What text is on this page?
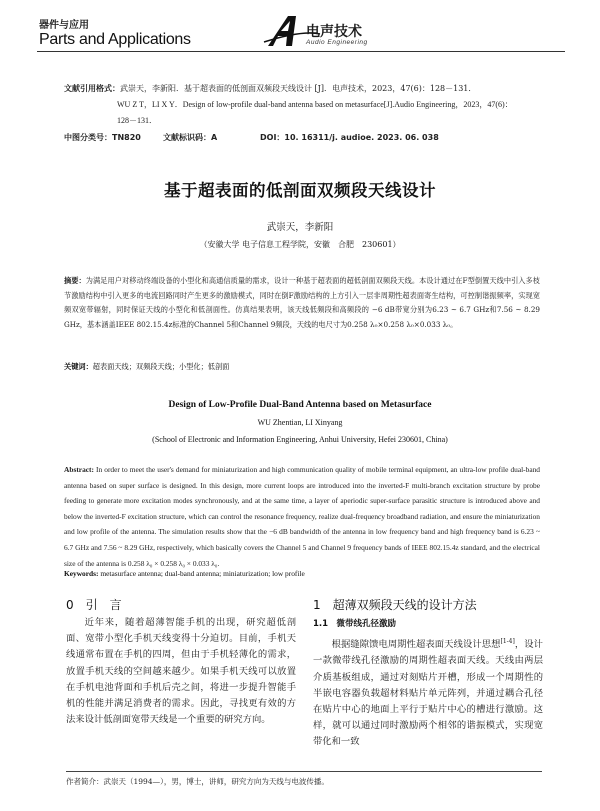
器件与应用
Parts and Applications	电声技术
Audio Engineering
文献引用格式：武崇天，李新阳．基于超表面的低剖面双频段天线设计 [J]．电声技术，2023，47(6)：128－131．
WU Z T，LI X Y．Design of low-profile dual-band antenna based on metasurface[J].Audio Engineering，2023，47(6)：
128－131．
中图分类号：TN820	文献标识码：A	DOI：10. 16311/j. audioe. 2023. 06. 038
基于超表面的低剖面双频段天线设计
武崇天，李新阳
（安徽大学 电子信息工程学院，安徽　合肥　230601）
摘要：为满足用户对移动终端设备的小型化和高通信质量的需求，设计一种基于超表面的超低剖面双频段天线。本设计通过在F型倒置天线中引入多枝节激励结构中引入更多的电流回路同时产生更多的激励模式，同时在倒F激励结构的上方引入一层非周期性超表面寄生结构，可控制谐振频率，实现宽频双宽带辐射，同时保证天线的小型化和低剖面性。仿真结果表明，该天线低频段和高频段的 −6 dB带宽分别为6.23 ~ 6.7 GHz和7.56 ~ 8.29 GHz，基本涵盖IEEE 802.15.4z标准的Channel 5和Channel 9频段，天线的电尺寸为0.258 λ₀×0.258 λ₀×0.033 λ₀。
关键词：超表面天线；双频段天线；小型化；低剖面
Design of Low-Profile Dual-Band Antenna based on Metasurface
WU Zhentian, LI Xinyang
(School of Electronic and Information Engineering, Anhui University, Hefei 230601, China)
Abstract: In order to meet the user's demand for miniaturization and high communication quality of mobile terminal equipment, an ultra-low profile dual-band antenna based on super surface is designed. In this design, more current loops are introduced into the inverted-F multi-branch excitation structure by probe feeding to generate more excitation modes synchronously, and at the same time, a layer of aperiodic super-surface parasitic structure is introduced above and below the inverted-F excitation structure, which can control the resonance frequency, realize dual-frequency broadband radiation, and ensure the miniaturization and low profile of the antenna. The simulation results show that the −6 dB bandwidth of the antenna in low frequency band and high frequency band is 6.23 ~ 6.7 GHz and 7.56 ~ 8.29 GHz, respectively, which basically covers the Channel 5 and Channel 9 frequency bands of IEEE 802.15.4z standard, and the electrical size of the antenna is 0.258 λ₀ × 0.258 λ₀ × 0.033 λ₀.
Keywords: metasurface antenna; dual-band antenna; miniaturization; low profile
0　引　言
近年来，随着超薄智能手机的出现，研究超低剖面、宽带小型化手机天线变得十分迫切。目前，手机天线通常布置在手机的四周，但由于手机轻薄化的需求，放置手机天线的空间越来越少。如果手机天线可以放置在手机电池背面和手机后壳之间，将进一步提升智能手机的性能并满足消费者的需求。因此，寻找更有效的方法来设计低剖面宽带天线是一个重要的研究方向。
1　超薄双频段天线的设计方法
1.1　微带线孔径激励
根据缝隙馈电周期性超表面天线设计思想[1-4]，设计一款微带线孔径激励的周期性超表面天线。天线由两层介质基板组成，通过对刻贴片开槽，形成一个周期性的半嵌电容器负载超材料贴片单元阵列，并通过耦合孔径在贴片中心的地面上平行于贴片中心的槽进行激励。这样，就可以通过同时激励两个相邻的谐振模式，实现宽带化和一致
作者简介：武崇天（1994—），男，博士，讲师，研究方向为天线与电波传播。
